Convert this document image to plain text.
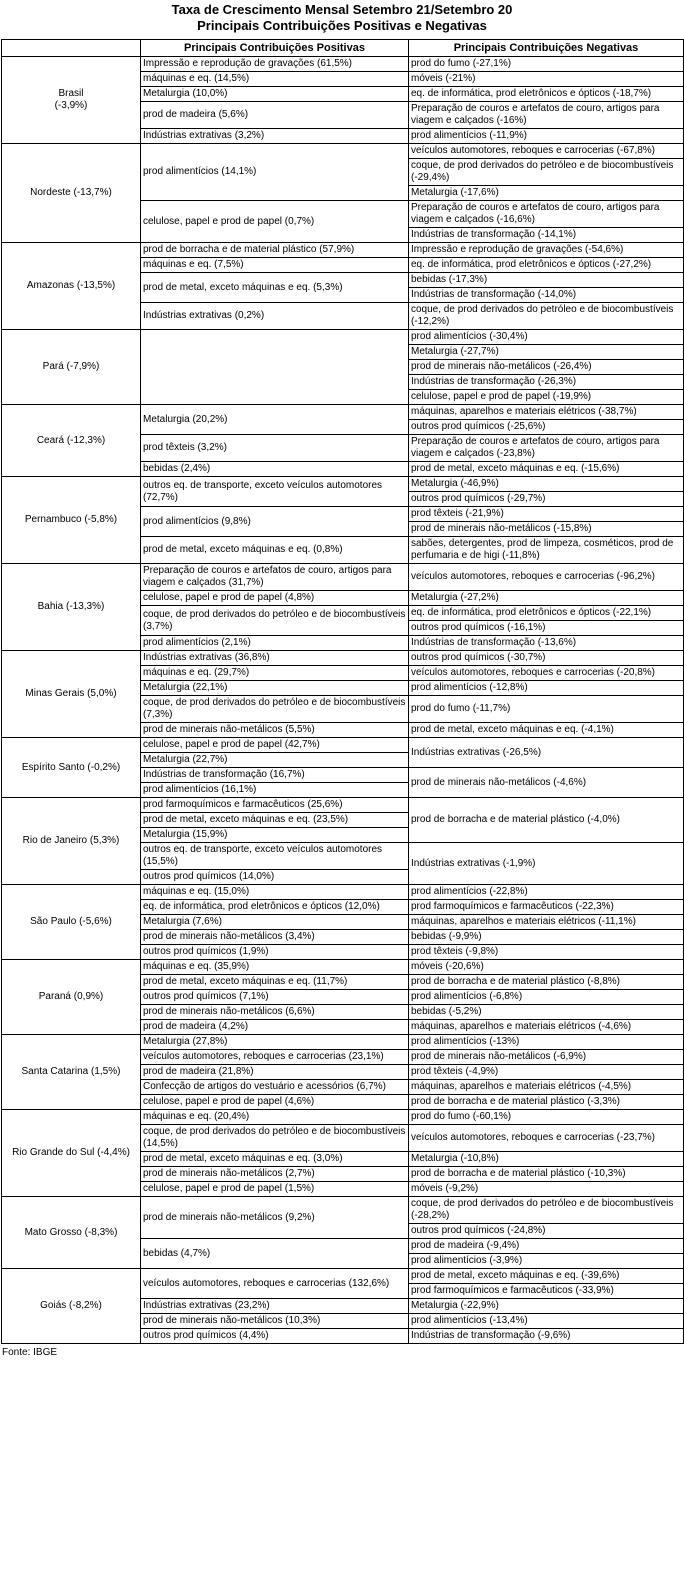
Taxa de Crescimento Mensal Setembro 21/Setembro 20
Principais Contribuições Positivas e Negativas
	Principais Contribuições Positivas	Principais Contribuições Negativas
Brasil
(-3,9%)	Impressão e reprodução de gravações (61,5%)	prod do fumo (-27,1%)
	máquinas e eq. (14,5%)	móveis (-21%)
	Metalurgia (10,0%)	eq. de informática, prod eletrônicos e ópticos (-18,7%)
	prod de madeira (5,6%)	Preparação de couros e artefatos de couro, artigos para viagem e calçados (-16%)
	Indústrias extrativas (3,2%)	prod alimentícios (-11,9%)
Nordeste (-13,7%)	prod alimentícios (14,1%)	veículos automotores, reboques e carrocerias (-67,8%)
		coque, de prod derivados do petróleo e de biocombustíveis (-29,4%)
		Metalurgia (-17,6%)
	celulose, papel e prod de papel (0,7%)	Preparação de couros e artefatos de couro, artigos para viagem e calçados (-16,6%)
		Indústrias de transformação (-14,1%)
Amazonas (-13,5%)	prod de borracha e de material plástico (57,9%)	Impressão e reprodução de gravações (-54,6%)
	máquinas e eq. (7,5%)	eq. de informática, prod eletrônicos e ópticos (-27,2%)
	prod de metal, exceto máquinas e eq. (5,3%)	bebidas (-17,3%)
		Indústrias de transformação (-14,0%)
	Indústrias extrativas (0,2%)	coque, de prod derivados do petróleo e de biocombustíveis (-12,2%)
Pará (-7,9%)		prod alimentícios (-30,4%)
		Metalurgia (-27,7%)
		prod de minerais não-metálicos (-26,4%)
		Indústrias de transformação (-26,3%)
		celulose, papel e prod de papel (-19,9%)
Ceará (-12,3%)	Metalurgia (20,2%)	máquinas, aparelhos e materiais elétricos (-38,7%)
		outros prod químicos (-25,6%)
	prod têxteis (3,2%)	Preparação de couros e artefatos de couro, artigos para viagem e calçados (-23,8%)
	bebidas (2,4%)	prod de metal, exceto máquinas e eq. (-15,6%)
Pernambuco (-5,8%)	outros eq. de transporte, exceto veículos automotores (72,7%)	Metalurgia (-46,9%)
		outros prod químicos (-29,7%)
	prod alimentícios (9,8%)	prod têxteis (-21,9%)
		prod de minerais não-metálicos (-15,8%)
	prod de metal, exceto máquinas e eq. (0,8%)	sabões, detergentes, prod de limpeza, cosméticos, prod de perfumaria e de higi (-11,8%)
Bahia (-13,3%)	Preparação de couros e artefatos de couro, artigos para viagem e calçados (31,7%)	veículos automotores, reboques e carrocerias (-96,2%)
	celulose, papel e prod de papel (4,8%)	Metalurgia (-27,2%)
	coque, de prod derivados do petróleo e de biocombustíveis (3,7%)	eq. de informática, prod eletrônicos e ópticos (-22,1%)
		outros prod químicos (-16,1%)
	prod alimentícios (2,1%)	Indústrias de transformação (-13,6%)
Minas Gerais (5,0%)	Indústrias extrativas (36,8%)	outros prod químicos (-30,7%)
	máquinas e eq. (29,7%)	veículos automotores, reboques e carrocerias (-20,8%)
	Metalurgia (22,1%)	prod alimentícios (-12,8%)
	coque, de prod derivados do petróleo e de biocombustíveis (7,3%)	prod do fumo (-11,7%)
	prod de minerais não-metálicos (5,5%)	prod de metal, exceto máquinas e eq. (-4,1%)
Espírito Santo (-0,2%)	celulose, papel e prod de papel (42,7%)	Indústrias extrativas (-26,5%)
	Metalurgia (22,7%)	
	Indústrias de transformação (16,7%)	prod de minerais não-metálicos (-4,6%)
	prod alimentícios (16,1%)	
Rio de Janeiro (5,3%)	prod farmoquímicos e farmacêuticos (25,6%)	prod de borracha e de material plástico (-4,0%)
	prod de metal, exceto máquinas e eq. (23,5%)	
	Metalurgia (15,9%)	
	outros eq. de transporte, exceto veículos automotores (15,5%)	Indústrias extrativas (-1,9%)
	outros prod químicos (14,0%)	
São Paulo (-5,6%)	máquinas e eq. (15,0%)	prod alimentícios (-22,8%)
	eq. de informática, prod eletrônicos e ópticos (12,0%)	prod farmoquímicos e farmacêuticos (-22,3%)
	Metalurgia (7,6%)	máquinas, aparelhos e materiais elétricos (-11,1%)
	prod de minerais não-metálicos (3,4%)	bebidas (-9,9%)
	outros prod químicos (1,9%)	prod têxteis (-9,8%)
Paraná (0,9%)	máquinas e eq. (35,9%)	móveis (-20,6%)
	prod de metal, exceto máquinas e eq. (11,7%)	prod de borracha e de material plástico (-8,8%)
	outros prod químicos (7,1%)	prod alimentícios (-6,8%)
	prod de minerais não-metálicos (6,6%)	bebidas (-5,2%)
	prod de madeira (4,2%)	máquinas, aparelhos e materiais elétricos (-4,6%)
Santa Catarina (1,5%)	Metalurgia (27,8%)	prod alimentícios (-13%)
	veículos automotores, reboques e carrocerias (23,1%)	prod de minerais não-metálicos (-6,9%)
	prod de madeira (21,8%)	prod têxteis (-4,9%)
	Confecção de artigos do vestuário e acessórios (6,7%)	máquinas, aparelhos e materiais elétricos (-4,5%)
	celulose, papel e prod de papel (4,6%)	prod de borracha e de material plástico (-3,3%)
Rio Grande do Sul (-4,4%)	máquinas e eq. (20,4%)	prod do fumo (-60,1%)
	coque, de prod derivados do petróleo e de biocombustíveis (14,5%)	veículos automotores, reboques e carrocerias (-23,7%)
	prod de metal, exceto máquinas e eq. (3,0%)	Metalurgia (-10,8%)
	prod de minerais não-metálicos (2,7%)	prod de borracha e de material plástico (-10,3%)
	celulose, papel e prod de papel (1,5%)	móveis (-9,2%)
Mato Grosso (-8,3%)	prod de minerais não-metálicos (9,2%)	coque, de prod derivados do petróleo e de biocombustíveis (-28,2%)
		outros prod químicos (-24,8%)
	bebidas (4,7%)	prod de madeira (-9,4%)
		prod alimentícios (-3,9%)
Goiás (-8,2%)	veículos automotores, reboques e carrocerias (132,6%)	prod de metal, exceto máquinas e eq. (-39,6%)
		prod farmoquímicos e farmacêuticos (-33,9%)
	Indústrias extrativas (23,2%)	Metalurgia (-22,9%)
	prod de minerais não-metálicos (10,3%)	prod alimentícios (-13,4%)
	outros prod químicos (4,4%)	Indústrias de transformação (-9,6%)
Fonte: IBGE
